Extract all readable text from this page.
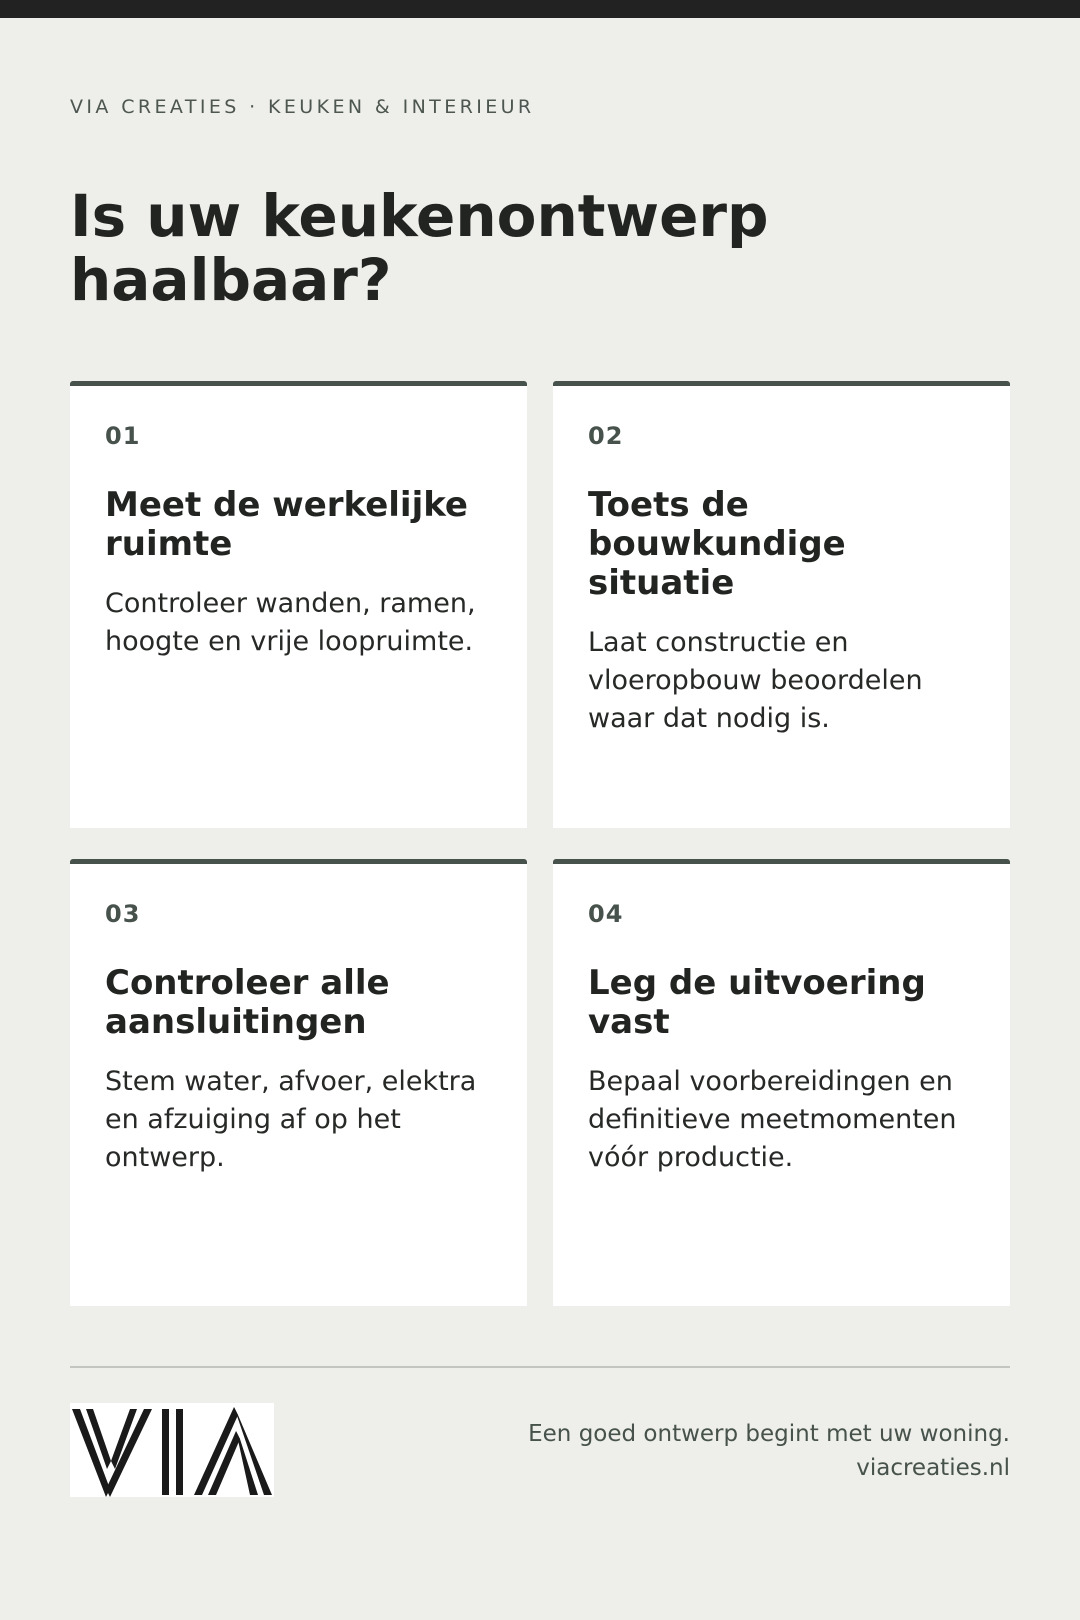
VIA CREATIES · KEUKEN & INTERIEUR
Is uw keukenontwerp haalbaar?
01
Meet de werkelijke ruimte

Controleer wanden, ramen, hoogte en vrije loopruimte.

02
Toets de bouwkundige situatie

Laat constructie en vloeropbouw beoordelen waar dat nodig is.

03
Controleer alle aansluitingen

Stem water, afvoer, elektra en afzuiging af op het ontwerp.

04
Leg de uitvoering vast

Bepaal voorbereidingen en definitieve meetmomenten vóór productie.

Een goed ontwerp begint met uw woning.
viacreaties.nl
